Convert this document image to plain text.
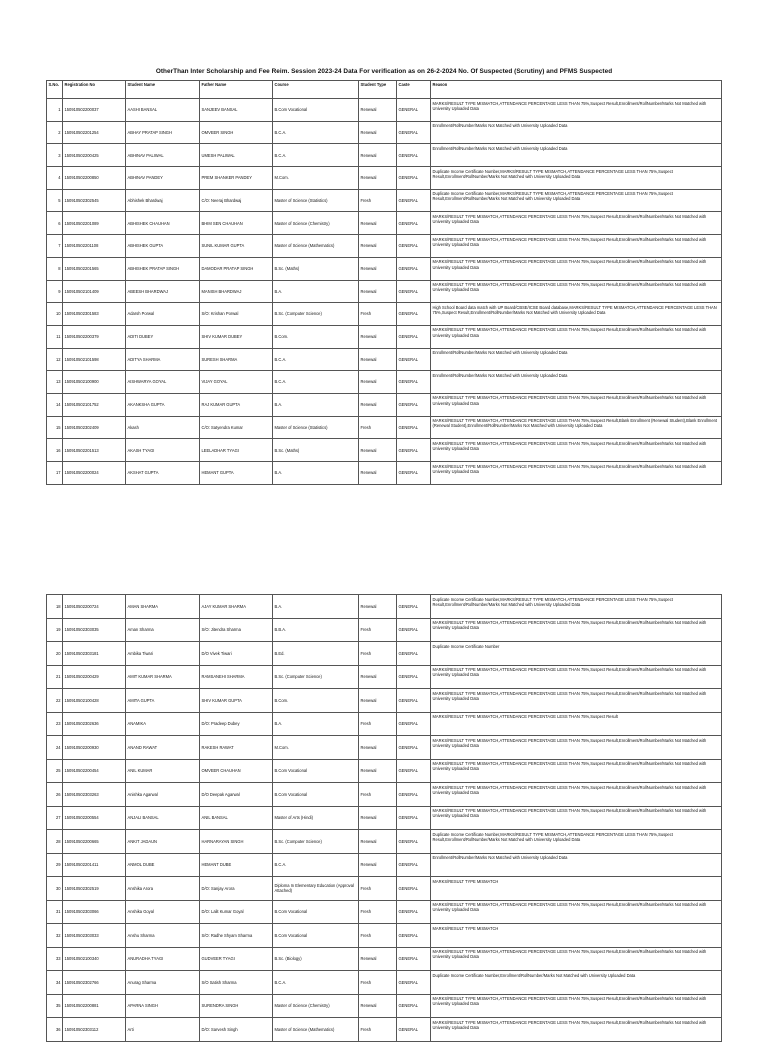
OtherThan Inter Scholarship and Fee Reim. Session 2023-24 Data For verification as on 26-2-2024 No. Of Suspected (Scrutiny) and PFMS Suspected
S.No.	Registration No	Student Name	Father Name	Course	Student Type	Caste	Reason
1	150910502200037	AASHI BANSAL	SANJEEV BANSAL	B.Com Vocational	Renewal	GENERAL	MARKS/RESULT TYPE MISMATCH,ATTENDANCE PERCENTAGE LESS THAN 75%,Suspect Result,Enrollment/RollNumber/Marks Not Matched with University Uploaded Data
2	150910502201254	ABHAY PRATAP SINGH	OMVEER SINGH	B.C.A.	Renewal	GENERAL	Enrollment/RollNumber/Marks Not Matched with University Uploaded Data
3	150910502200425	ABHINAV PALIWAL	UMESH PALIWAL	B.C.A.	Renewal	GENERAL	Enrollment/RollNumber/Marks Not Matched with University Uploaded Data
4	150910502200850	ABHINAV PANDEY	PREM SHANKER PANDEY	M.Com.	Renewal	GENERAL	Duplicate Income Certificate Number,MARKS/RESULT TYPE MISMATCH,ATTENDANCE PERCENTAGE LESS THAN 75%,Suspect Result,Enrollment/RollNumber/Marks Not Matched with University Uploaded Data
5	150910502302545	Abhishek Bhardwaj	C/O: Neeraj Bhardwaj	Master of Science (Statistics)	Fresh	GENERAL	Duplicate Income Certificate Number,MARKS/RESULT TYPE MISMATCH,ATTENDANCE PERCENTAGE LESS THAN 75%,Suspect Result,Enrollment/RollNumber/Marks Not Matched with University Uploaded Data
6	150910502201089	ABHISHEK CHAUHAN	BHIM SEN CHAUHAN	Master of Science (Chemistry)	Renewal	GENERAL	MARKS/RESULT TYPE MISMATCH,ATTENDANCE PERCENTAGE LESS THAN 75%,Suspect Result,Enrollment/RollNumber/Marks Not Matched with University Uploaded Data
7	150910502201108	ABHISHEK GUPTA	SUNIL KUMAR GUPTA	Master of Science (Mathematics)	Renewal	GENERAL	MARKS/RESULT TYPE MISMATCH,ATTENDANCE PERCENTAGE LESS THAN 75%,Suspect Result,Enrollment/RollNumber/Marks Not Matched with University Uploaded Data
8	150910502201565	ABHISHEK PRATAP SINGH	DAMODAR PRATAP SINGH	B.Sc. (Maths)	Renewal	GENERAL	MARKS/RESULT TYPE MISMATCH,ATTENDANCE PERCENTAGE LESS THAN 75%,Suspect Result,Enrollment/RollNumber/Marks Not Matched with University Uploaded Data
9	150910502101409	ABEESH BHARDWAJ	MANISH BHARDWAJ	B.A.	Renewal	GENERAL	MARKS/RESULT TYPE MISMATCH,ATTENDANCE PERCENTAGE LESS THAN 75%,Suspect Result,Enrollment/RollNumber/Marks Not Matched with University Uploaded Data
10	150910502301583	Adarsh Porwal	S/O: Krishan Porwal	B.Sc. (Computer Science)	Fresh	GENERAL	High School Board data match with UP Board/CBSE/ICSE Board database,MARKS/RESULT TYPE MISMATCH,ATTENDANCE PERCENTAGE LESS THAN 75%,Suspect Result,Enrollment/RollNumber/Marks Not Matched with University Uploaded Data
11	150910502200379	ADITI DUBEY	SHIV KUMAR DUBEY	B.Com.	Renewal	GENERAL	MARKS/RESULT TYPE MISMATCH,ATTENDANCE PERCENTAGE LESS THAN 75%,Suspect Result,Enrollment/RollNumber/Marks Not Matched with University Uploaded Data
12	150910502101598	ADITYA SHARMA	SURESH SHARMA	B.C.A.	Renewal	GENERAL	Enrollment/RollNumber/Marks Not Matched with University Uploaded Data
13	150910502100900	AISHWARYA GOYAL	VIJAY GOYAL	B.C.A.	Renewal	GENERAL	Enrollment/RollNumber/Marks Not Matched with University Uploaded Data
14	150910502101752	AKANKSHA GUPTA	RAJ KUMAR GUPTA	B.A.	Renewal	GENERAL	MARKS/RESULT TYPE MISMATCH,ATTENDANCE PERCENTAGE LESS THAN 75%,Suspect Result,Enrollment/RollNumber/Marks Not Matched with University Uploaded Data
15	150910502302409	Akash	C/O: Satyendra Kumar	Master of Science (Statistics)	Fresh	GENERAL	MARKS/RESULT TYPE MISMATCH,ATTENDANCE PERCENTAGE LESS THAN 75%,Suspect Result,Blank Enrollment (Renewal Student),Blank Enrollment (Renewal Student),Enrollment/RollNumber/Marks Not Matched with University Uploaded Data
16	150910502201513	AKASH TYAGI	LEELADHAR TYAGI	B.Sc. (Maths)	Renewal	GENERAL	MARKS/RESULT TYPE MISMATCH,ATTENDANCE PERCENTAGE LESS THAN 75%,Suspect Result,Enrollment/RollNumber/Marks Not Matched with University Uploaded Data
17	150910502200024	AKSHAT GUPTA	HEMANT GUPTA	B.A.	Renewal	GENERAL	MARKS/RESULT TYPE MISMATCH,ATTENDANCE PERCENTAGE LESS THAN 75%,Suspect Result,Enrollment/RollNumber/Marks Not Matched with University Uploaded Data
18	150910502200724	AMAN SHARMA	AJAY KUMAR SHARMA	B.A.	Renewal	GENERAL	Duplicate Income Certificate Number,MARKS/RESULT TYPE MISMATCH,ATTENDANCE PERCENTAGE LESS THAN 75%,Suspect Result,Enrollment/RollNumber/Marks Not Matched with University Uploaded Data
19	150910502303035	Aman Sharma	S/O: Jitendra Sharma	B.B.A.	Fresh	GENERAL	MARKS/RESULT TYPE MISMATCH,ATTENDANCE PERCENTAGE LESS THAN 75%,Suspect Result,Enrollment/RollNumber/Marks Not Matched with University Uploaded Data
20	150910502303181	Ambika Tiwari	D/O Vivek Tiwari	B.Ed.	Fresh	GENERAL	Duplicate Income Certificate Number
21	150910502200429	AMIT KUMAR SHARMA	RAMSANEHI SHARMA	B.Sc. (Computer Science)	Renewal	GENERAL	MARKS/RESULT TYPE MISMATCH,ATTENDANCE PERCENTAGE LESS THAN 75%,Suspect Result,Enrollment/RollNumber/Marks Not Matched with University Uploaded Data
22	150910502100428	AMITA GUPTA	SHIV KUMAR GUPTA	B.Com.	Renewal	GENERAL	MARKS/RESULT TYPE MISMATCH,ATTENDANCE PERCENTAGE LESS THAN 75%,Suspect Result,Enrollment/RollNumber/Marks Not Matched with University Uploaded Data
23	150910502302636	ANAMIKA	D/O: Pradeep Dubey	B.A.	Fresh	GENERAL	MARKS/RESULT TYPE MISMATCH,ATTENDANCE PERCENTAGE LESS THAN 75%,Suspect Result
24	150910502200930	ANAND RAWAT	RAKESH RAWAT	M.Com.	Renewal	GENERAL	MARKS/RESULT TYPE MISMATCH,ATTENDANCE PERCENTAGE LESS THAN 75%,Suspect Result,Enrollment/RollNumber/Marks Not Matched with University Uploaded Data
25	150910502200454	ANIL KUMAR	OMVEER CHAUHAN	B.Com Vocational	Renewal	GENERAL	MARKS/RESULT TYPE MISMATCH,ATTENDANCE PERCENTAGE LESS THAN 75%,Suspect Result,Enrollment/RollNumber/Marks Not Matched with University Uploaded Data
26	150910502303263	Anishka Agarwal	D/O Deepak Agarwal	B.Com Vocational	Fresh	GENERAL	MARKS/RESULT TYPE MISMATCH,ATTENDANCE PERCENTAGE LESS THAN 75%,Suspect Result,Enrollment/RollNumber/Marks Not Matched with University Uploaded Data
27	150910502200554	ANJALI BANSAL	ANIL BANSAL	Master of Arts (Hindi)	Renewal	GENERAL	MARKS/RESULT TYPE MISMATCH,ATTENDANCE PERCENTAGE LESS THAN 75%,Suspect Result,Enrollment/RollNumber/Marks Not Matched with University Uploaded Data
28	150910502200665	ANKIT JADAUN	HARNARAYAN SINGH	B.Sc. (Computer Science)	Renewal	GENERAL	Duplicate Income Certificate Number,MARKS/RESULT TYPE MISMATCH,ATTENDANCE PERCENTAGE LESS THAN 75%,Suspect Result,Enrollment/RollNumber/Marks Not Matched with University Uploaded Data
29	150910502201411	ANMOL DUBE	HEMANT DUBE	B.C.A.	Renewal	GENERAL	Enrollment/RollNumber/Marks Not Matched with University Uploaded Data
30	150910502302519	Anshika Arora	D/O: Sanjay Arora	Diploma In Elementary Education (Approval Attached)	Fresh	GENERAL	MARKS/RESULT TYPE MISMATCH
31	150910502303066	Anshika Goyal	D/O: Lalit Kumar Goyal	B.Com Vocational	Fresh	GENERAL	MARKS/RESULT TYPE MISMATCH,ATTENDANCE PERCENTAGE LESS THAN 75%,Suspect Result,Enrollment/RollNumber/Marks Not Matched with University Uploaded Data
32	150910502303033	Anshu Sharma	S/O: Radhe Shyam Sharma	B.Com Vocational	Fresh	GENERAL	MARKS/RESULT TYPE MISMATCH
33	150910502100340	ANURADHA TYAGI	GUDVEER TYAGI	B.Sc. (Biology)	Renewal	GENERAL	MARKS/RESULT TYPE MISMATCH,ATTENDANCE PERCENTAGE LESS THAN 75%,Suspect Result,Enrollment/RollNumber/Marks Not Matched with University Uploaded Data
34	150910502302766	Anurag Sharma	S/O Satish Sharma	B.C.A.	Fresh	GENERAL	Duplicate Income Certificate Number,Enrollment/RollNumber/Marks Not Matched with University Uploaded Data
35	150910502200881	APARNA SINGH	SURENDRA SINGH	Master of Science (Chemistry)	Renewal	GENERAL	MARKS/RESULT TYPE MISMATCH,ATTENDANCE PERCENTAGE LESS THAN 75%,Suspect Result,Enrollment/RollNumber/Marks Not Matched with University Uploaded Data
36	150910502303112	Arti	D/O: Sarvesh Singh	Master of Science (Mathematics)	Fresh	GENERAL	MARKS/RESULT TYPE MISMATCH,ATTENDANCE PERCENTAGE LESS THAN 75%,Suspect Result,Enrollment/RollNumber/Marks Not Matched with University Uploaded Data
